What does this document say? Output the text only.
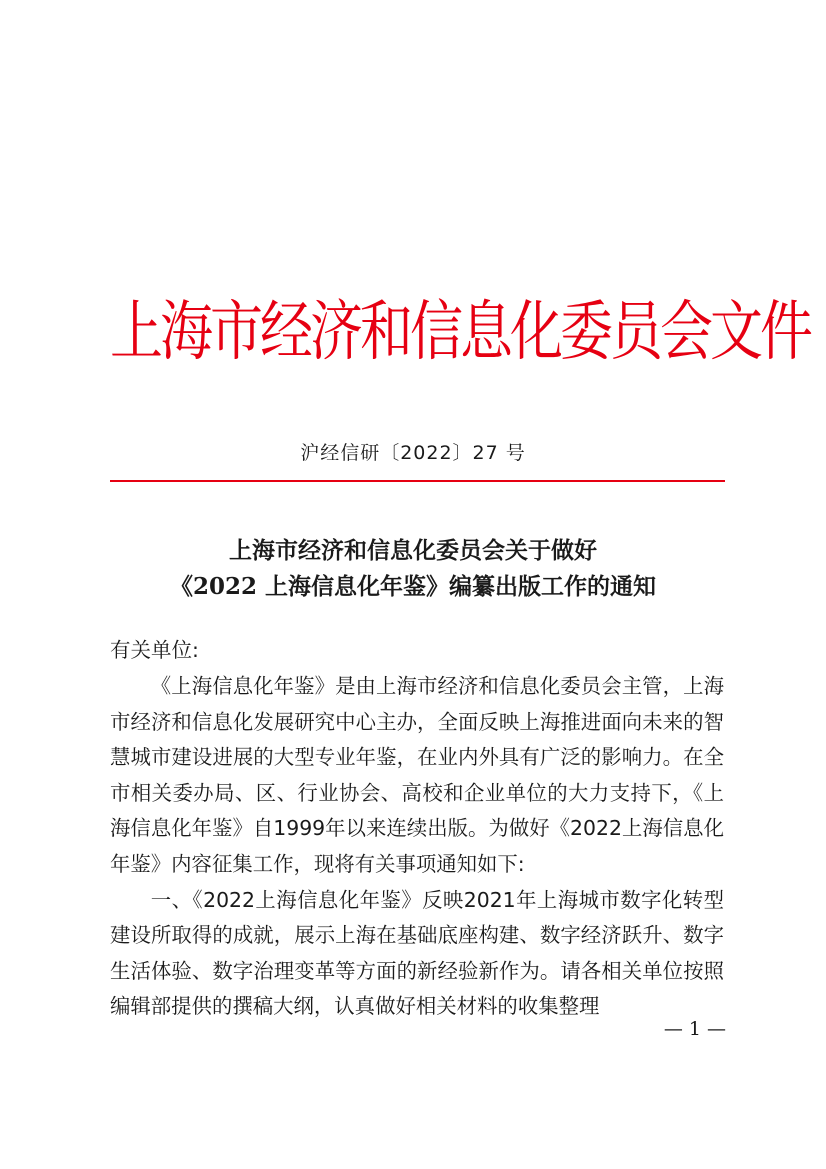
上海市经济和信息化委员会文件
沪经信研〔2022〕27 号
上海市经济和信息化委员会关于做好
《2022 上海信息化年鉴》编纂出版工作的通知
有关单位:

《上海信息化年鉴》是由上海市经济和信息化委员会主管，上海市经济和信息化发展研究中心主办，全面反映上海推进面向未来的智慧城市建设进展的大型专业年鉴，在业内外具有广泛的影响力。在全市相关委办局、区、行业协会、高校和企业单位的大力支持下，《上海信息化年鉴》自1999年以来连续出版。为做好《2022上海信息化年鉴》内容征集工作，现将有关事项通知如下:

一、《2022上海信息化年鉴》反映2021年上海城市数字化转型建设所取得的成就，展示上海在基础底座构建、数字经济跃升、数字生活体验、数字治理变革等方面的新经验新作为。请各相关单位按照编辑部提供的撰稿大纲，认真做好相关材料的收集整理

— 1 —
